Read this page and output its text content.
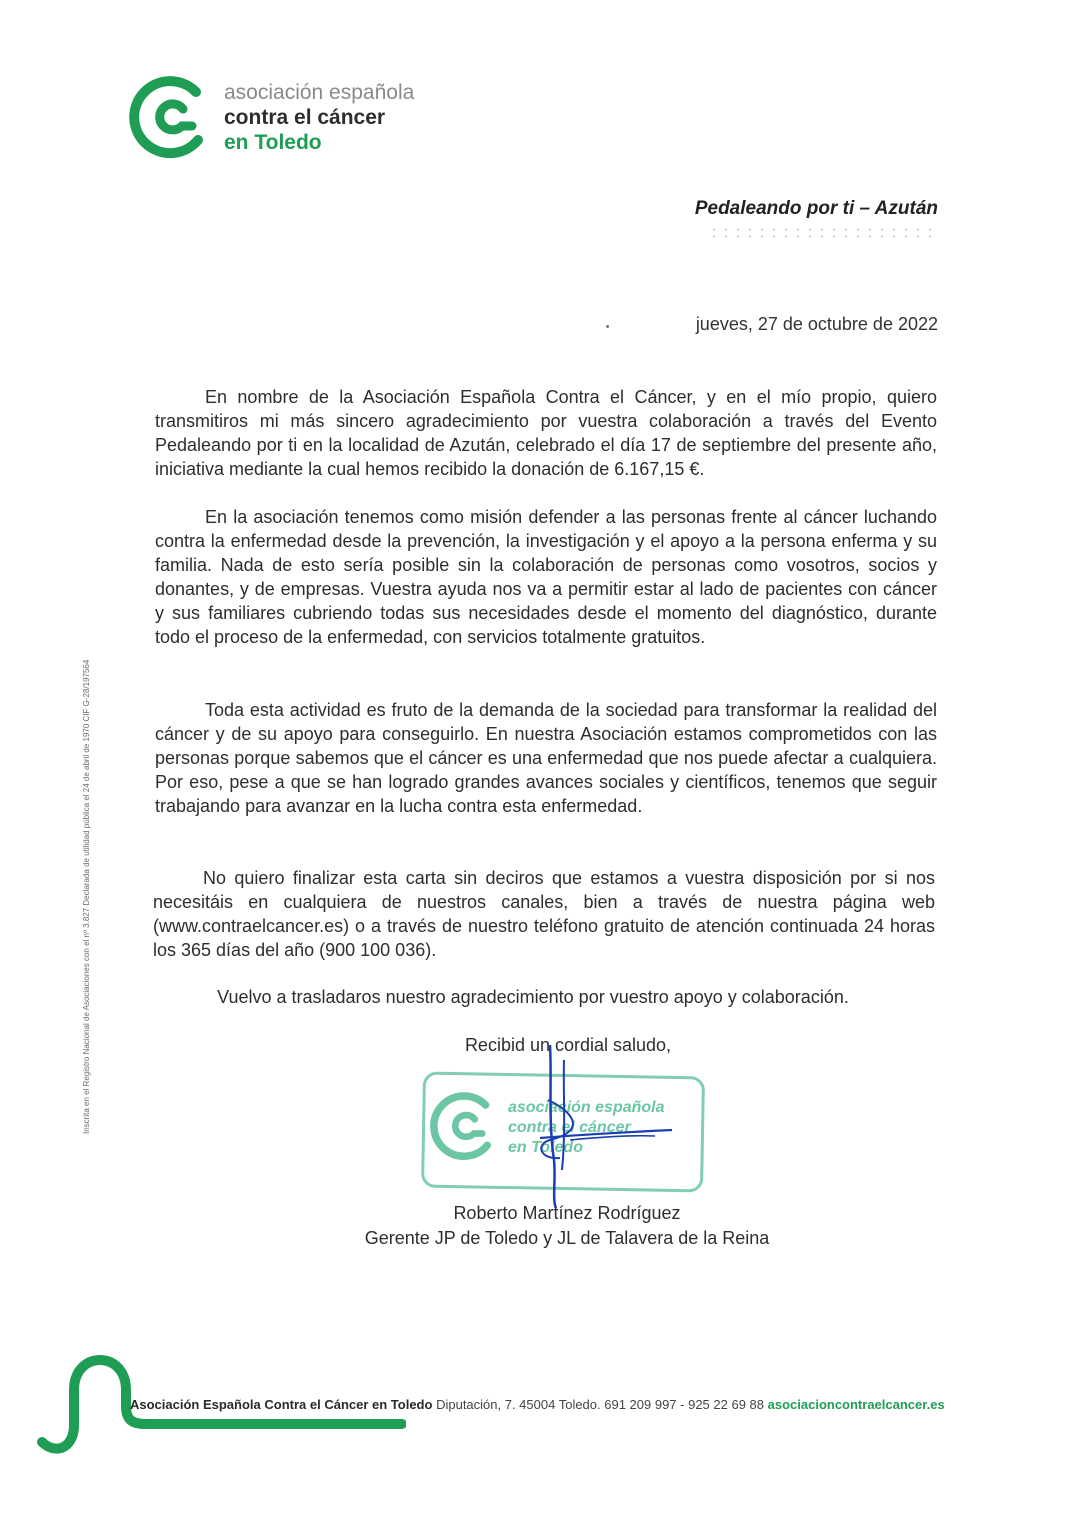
asociación española
contra el cáncer
en Toledo
Pedaleando por ti – Azután
jueves, 27 de octubre de 2022

En nombre de la Asociación Española Contra el Cáncer, y en el mío propio, quiero transmitiros mi más sincero agradecimiento por vuestra colaboración a través del Evento Pedaleando por ti en la localidad de Azután, celebrado el día 17 de septiembre del presente año, iniciativa mediante la cual hemos recibido la donación de 6.167,15 €.

En la asociación tenemos como misión defender a las personas frente al cáncer luchando contra la enfermedad desde la prevención, la investigación y el apoyo a la persona enferma y su familia. Nada de esto sería posible sin la colaboración de personas como vosotros, socios y donantes, y de empresas. Vuestra ayuda nos va a permitir estar al lado de pacientes con cáncer y sus familiares cubriendo todas sus necesidades desde el momento del diagnóstico, durante todo el proceso de la enfermedad, con servicios totalmente gratuitos.

Toda esta actividad es fruto de la demanda de la sociedad para transformar la realidad del cáncer y de su apoyo para conseguirlo. En nuestra Asociación estamos comprometidos con las personas porque sabemos que el cáncer es una enfermedad que nos puede afectar a cualquiera. Por eso, pese a que se han logrado grandes avances sociales y científicos, tenemos que seguir trabajando para avanzar en la lucha contra esta enfermedad.

No quiero finalizar esta carta sin deciros que estamos a vuestra disposición por si nos necesitáis en cualquiera de nuestros canales, bien a través de nuestra página web (www.contraelcancer.es) o a través de nuestro teléfono gratuito de atención continuada 24 horas los 365 días del año (900 100 036).

Vuelvo a trasladaros nuestro agradecimiento por vuestro apoyo y colaboración.
Recibid un cordial saludo,
asociación española
contra el cáncer
en Toledo
Roberto Martínez Rodríguez
Gerente JP de Toledo y JL de Talavera de la Reina
Inscrita en el Registro Nacional de Asociaciones con el nº 3.827 Declarada de utilidad pública el 24 de abril de 1970 CIF G-28/197564
Asociación Española Contra el Cáncer en Toledo Diputación, 7. 45004 Toledo. 691 209 997 - 925 22 69 88 asociacioncontraelcancer.es
